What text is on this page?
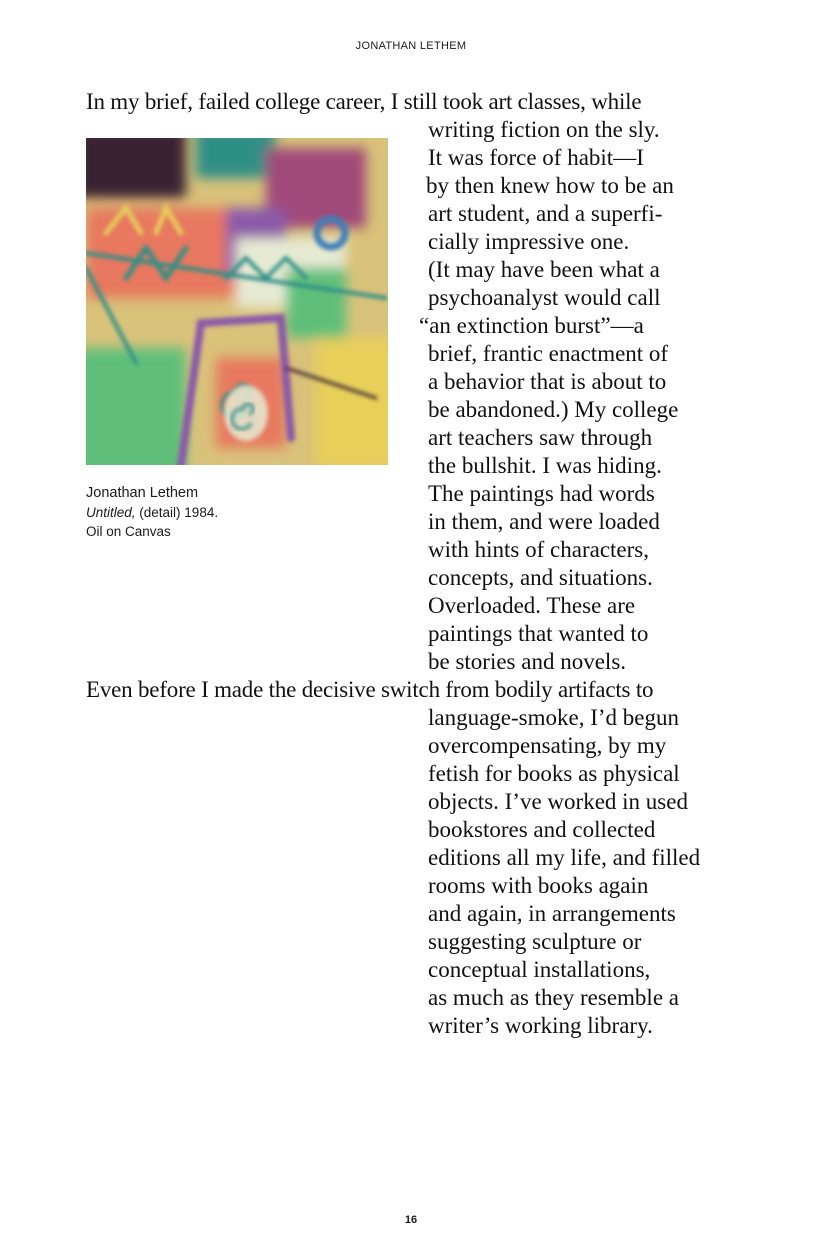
JONATHAN LETHEM
In my brief, failed college career, I still took art classes, while
writing fiction on the sly.
It was force of habit—I
by then knew how to be an
art student, and a superfi-
cially impressive one.
(It may have been what a
psychoanalyst would call
“an extinction burst”—a
brief, frantic enactment of
a behavior that is about to
be abandoned.) My college
art teachers saw through
the bullshit. I was hiding.
The paintings had words
in them, and were loaded
with hints of characters,
concepts, and situations.
Overloaded. These are
paintings that wanted to
be stories and novels.
Jonathan Lethem
Untitled, (detail) 1984.
Oil on Canvas
Even before I made the decisive switch from bodily artifacts to
language-smoke, I’d begun
overcompensating, by my
fetish for books as physical
objects. I’ve worked in used
bookstores and collected
editions all my life, and filled
rooms with books again
and again, in arrangements
suggesting sculpture or
conceptual installations,
as much as they resemble a
writer’s working library.
16
